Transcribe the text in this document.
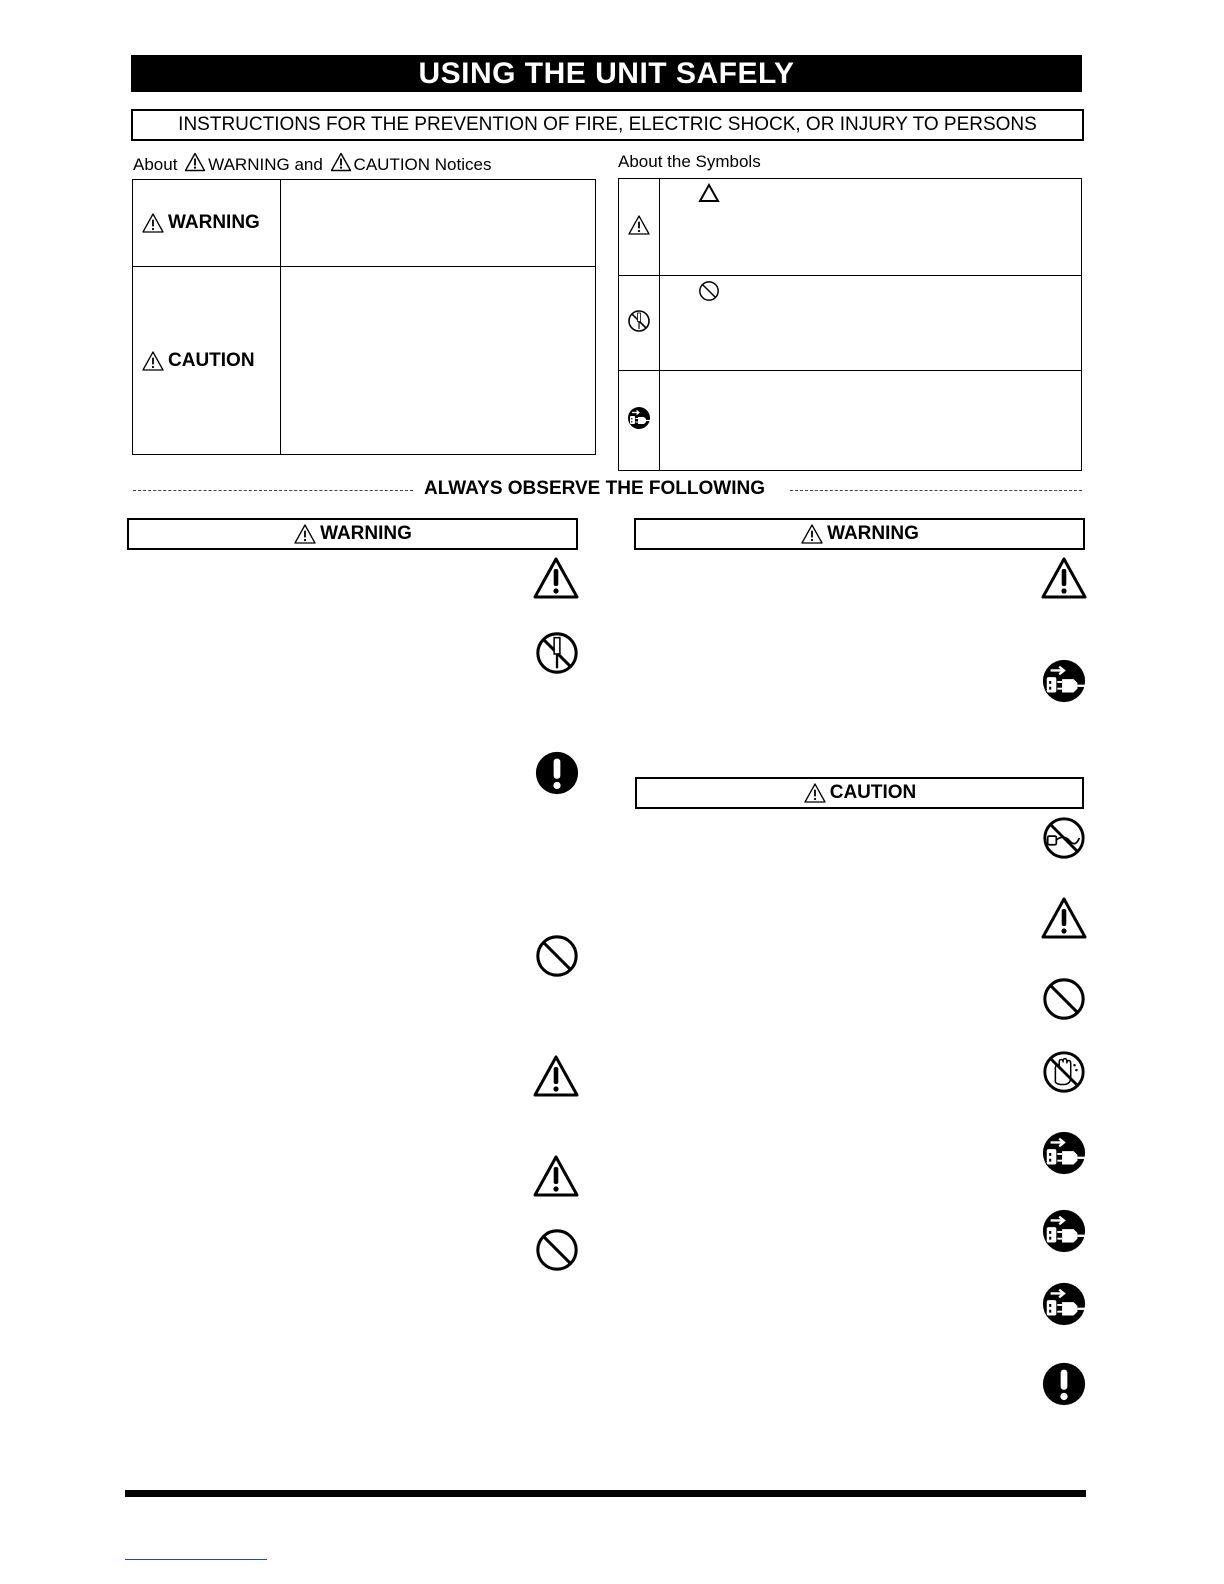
USING THE UNIT SAFELY
INSTRUCTIONS FOR THE PREVENTION OF FIRE, ELECTRIC SHOCK, OR INJURY TO PERSONS
About WARNING and CAUTION Notices	About the Symbols
WARNING	

CAUTION	

ALWAYS OBSERVE THE FOLLOWING
WARNING	WARNING
CAUTION
